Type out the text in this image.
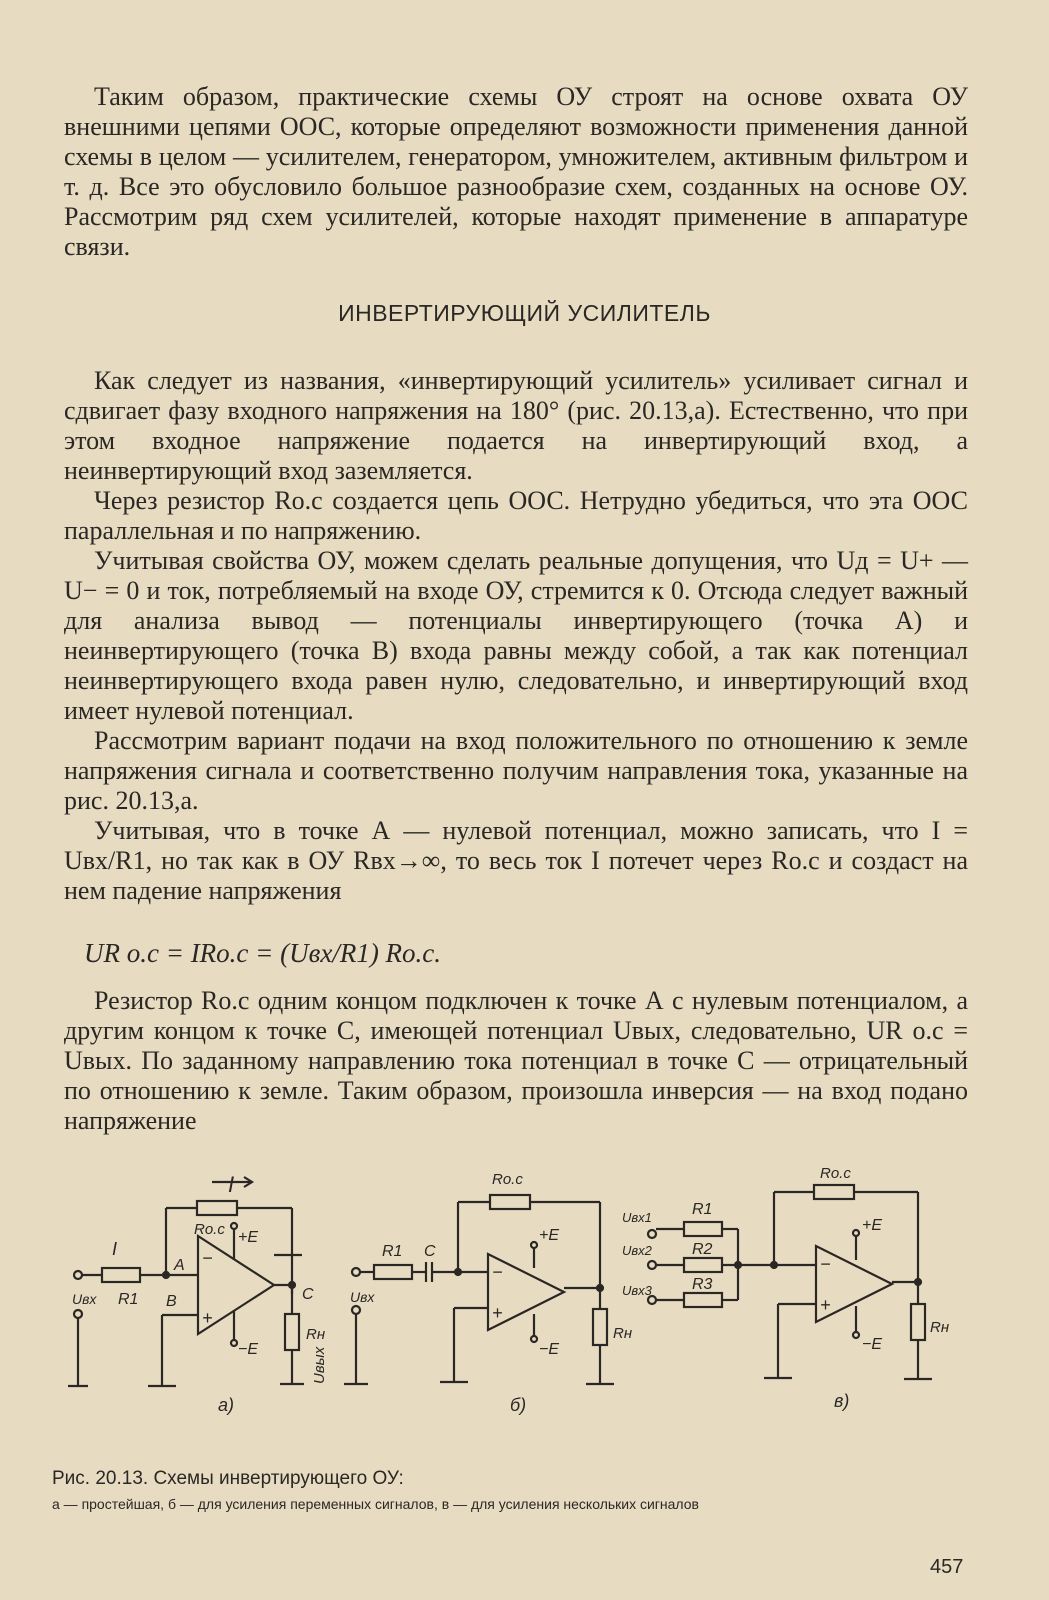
Таким образом, практические схемы ОУ строят на основе охвата ОУ внешними цепями ООС, которые определяют возможности применения данной схемы в целом — усилителем, генератором, умножителем, активным фильтром и т. д. Все это обусловило большое разнообразие схем, созданных на основе ОУ. Рассмотрим ряд схем усилителей, которые находят применение в аппаратуре связи.

ИНВЕРТИРУЮЩИЙ УСИЛИТЕЛЬ

Как следует из названия, «инвертирующий усилитель» усиливает сигнал и сдвигает фазу входного напряжения на 180° (рис. 20.13,а). Естественно, что при этом входное напряжение подается на инвертирующий вход, а неинвертирующий вход заземляется.

Через резистор Rо.с создается цепь ООС. Нетрудно убедиться, что эта ООС параллельная и по напряжению.

Учитывая свойства ОУ, можем сделать реальные допущения, что Uд = U+ — U− = 0 и ток, потребляемый на входе ОУ, стремится к 0. Отсюда следует важный для анализа вывод — потенциалы инвертирующего (точка А) и неинвертирующего (точка В) входа равны между собой, а так как потенциал неинвертирующего входа равен нулю, следовательно, и инвертирующий вход имеет нулевой потенциал.

Рассмотрим вариант подачи на вход положительного по отношению к земле напряжения сигнала и соответственно получим направления тока, указанные на рис. 20.13,а.

Учитывая, что в точке А — нулевой потенциал, можно записать, что I = Uвх/R1, но так как в ОУ Rвх→∞, то весь ток I потечет через Rо.с и создаст на нем падение напряжения

UR о.с = IRо.с = (Uвх/R1) Rо.с.

Резистор Rо.с одним концом подключен к точке А с нулевым потенциалом, а другим концом к точке С, имеющей потенциал Uвых, следовательно, UR о.с = Uвых. По заданному направлению тока потенциал в точке С — отрицательный по отношению к земле. Таким образом, произошла инверсия — на вход подано напряжение

I
I
Rо.с +E
−E
R1
Uвх
A
B	C
−
+
Rн
Uвых
а)
Rо.с
R1 C
Uвх
+E
−E
−
+
Rн
б)
Rо.с
Uвх1
Uвх2
Uвх3
R1
R2
R3
+E
−E
−
+
Rн
в)
Рис. 20.13. Схемы инвертирующего ОУ:
а — простейшая, б — для усиления переменных сигналов, в — для усиления нескольких сигналов
457
